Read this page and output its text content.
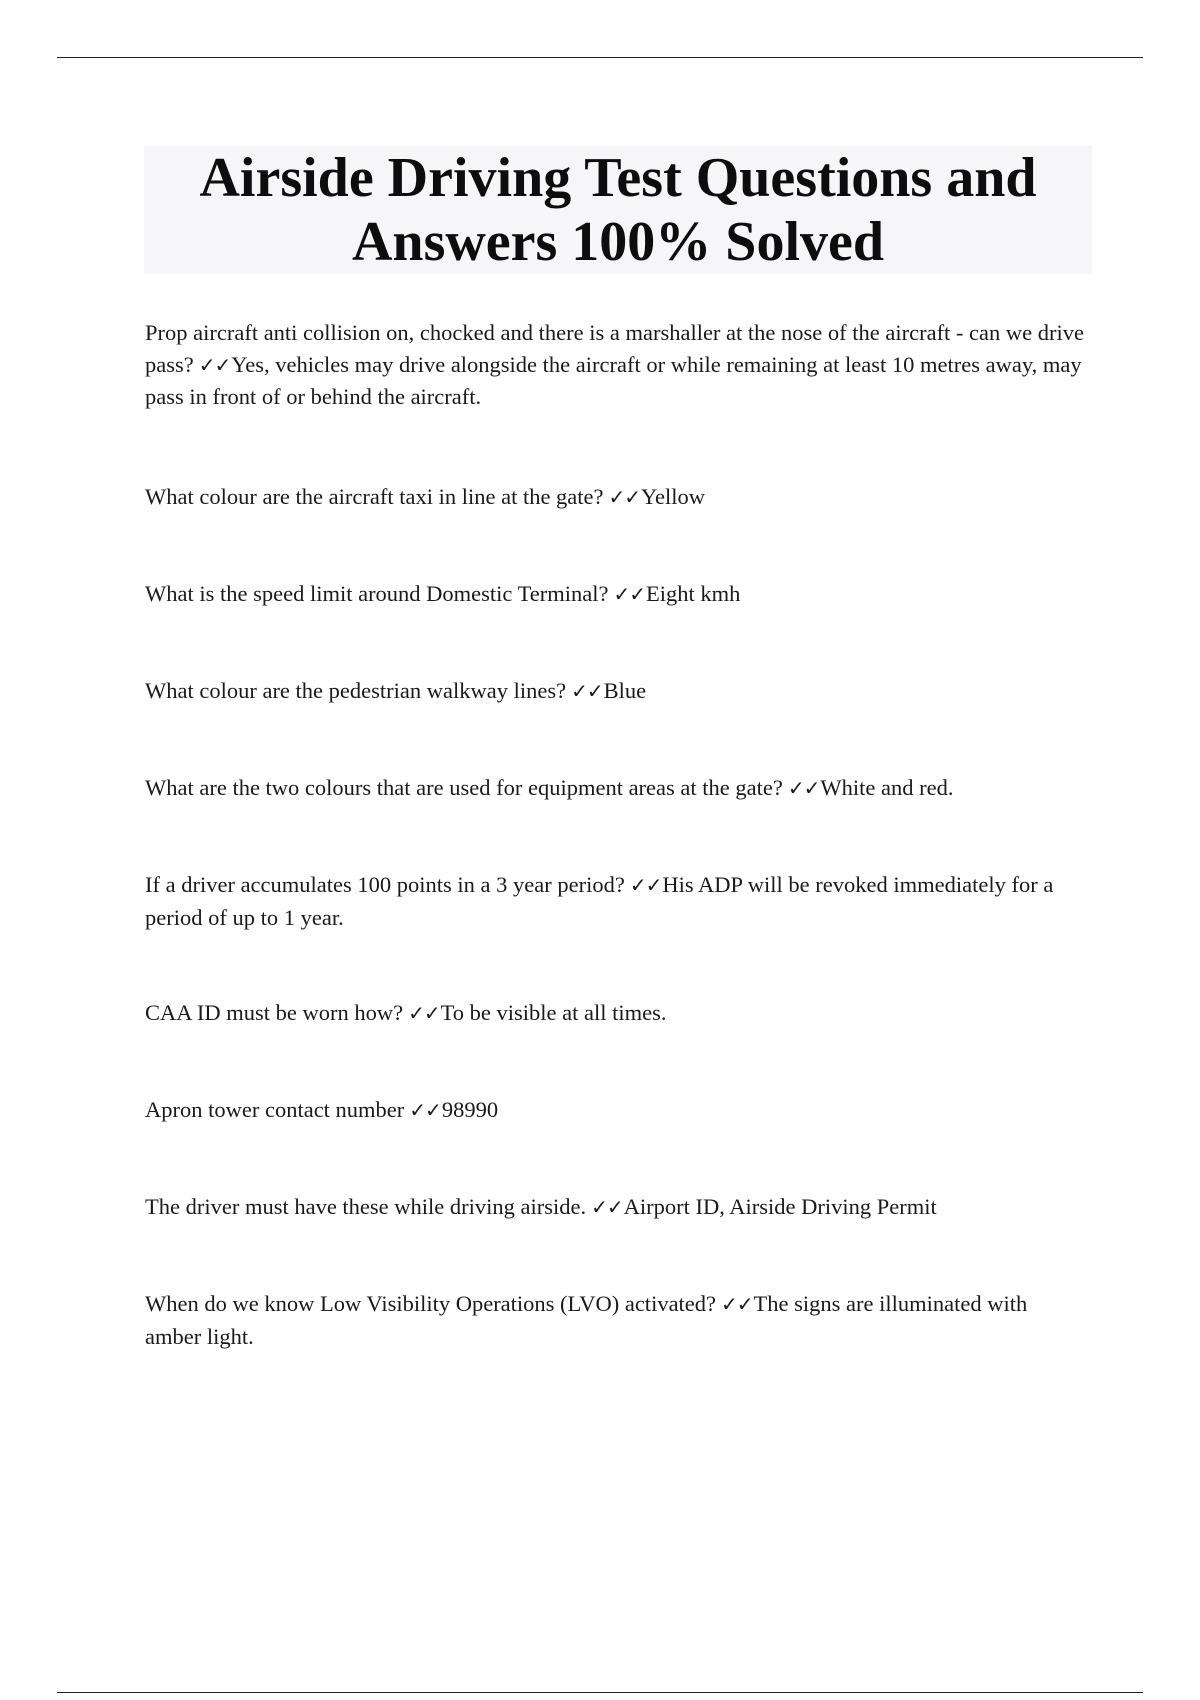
Airside Driving Test Questions and Answers 100% Solved
Prop aircraft anti collision on, chocked and there is a marshaller at the nose of the aircraft - can we drive pass? ✓✓Yes, vehicles may drive alongside the aircraft or while remaining at least 10 metres away, may pass in front of or behind the aircraft.
What colour are the aircraft taxi in line at the gate? ✓✓Yellow
What is the speed limit around Domestic Terminal? ✓✓Eight kmh
What colour are the pedestrian walkway lines? ✓✓Blue
What are the two colours that are used for equipment areas at the gate? ✓✓White and red.
If a driver accumulates 100 points in a 3 year period? ✓✓His ADP will be revoked immediately for a period of up to 1 year.
CAA ID must be worn how? ✓✓To be visible at all times.
Apron tower contact number ✓✓98990
The driver must have these while driving airside. ✓✓Airport ID, Airside Driving Permit
When do we know Low Visibility Operations (LVO) activated? ✓✓The signs are illuminated with amber light.
